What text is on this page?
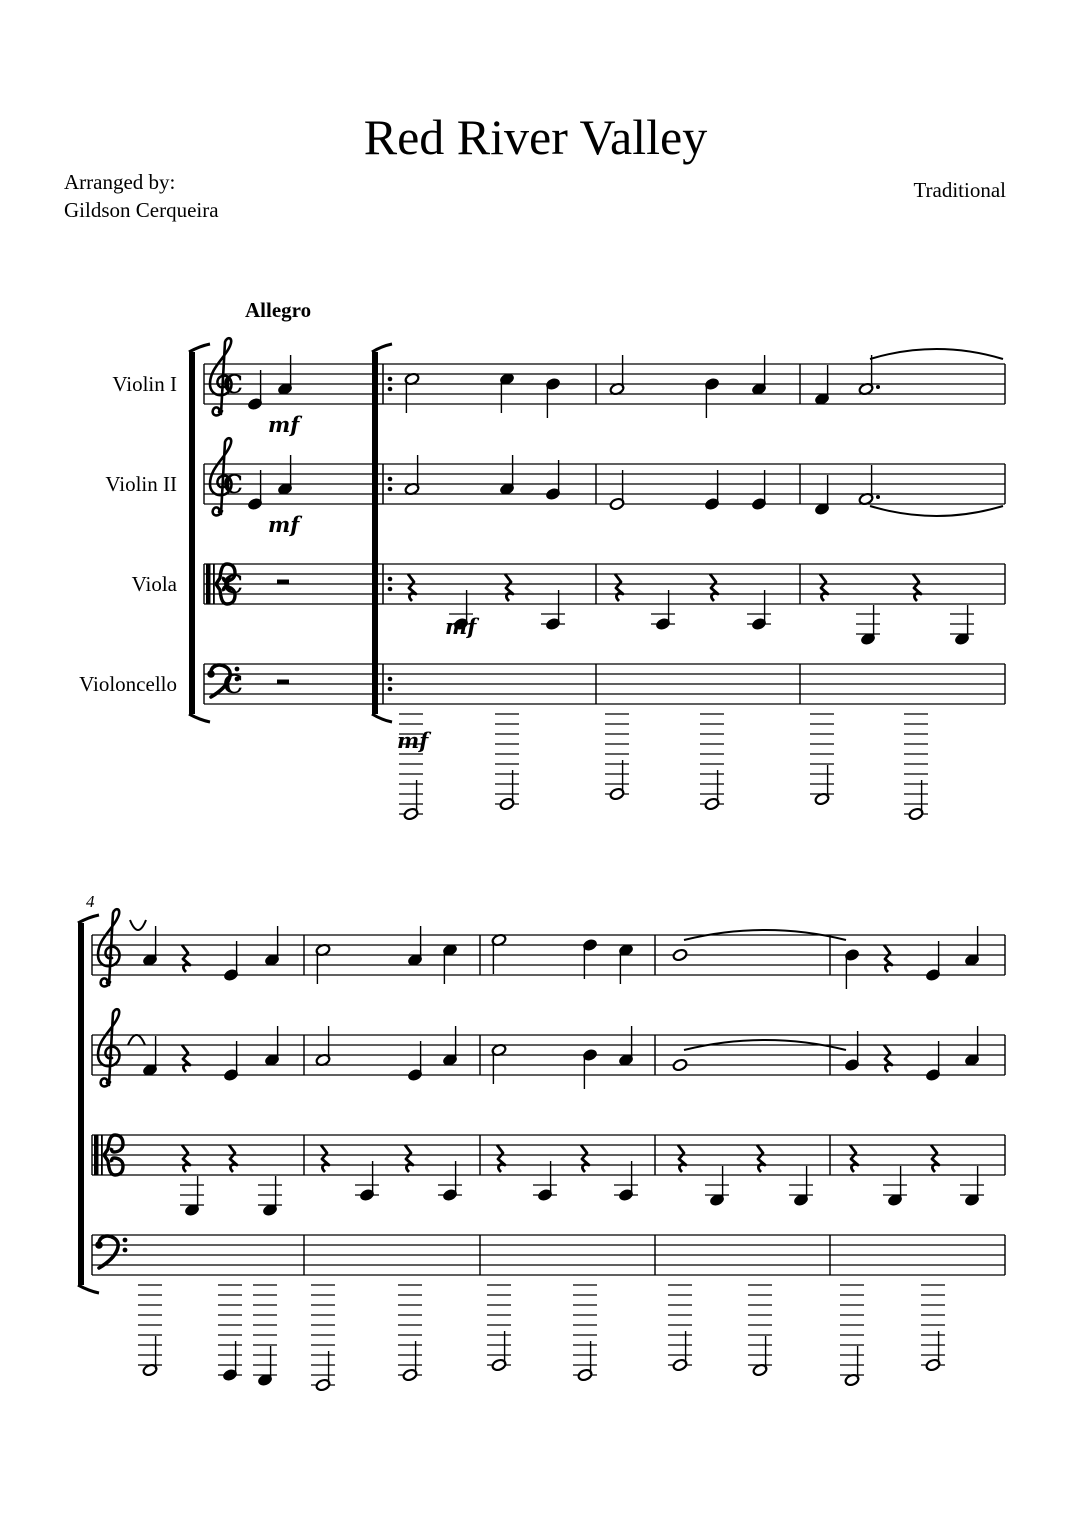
Red River Valley
Arranged by:
Gildson Cerqueira
Traditional
Allegro
Violin I
Violin II
Viola
Violoncello
4
C
C
C
C
mf
mf
mf
mf
